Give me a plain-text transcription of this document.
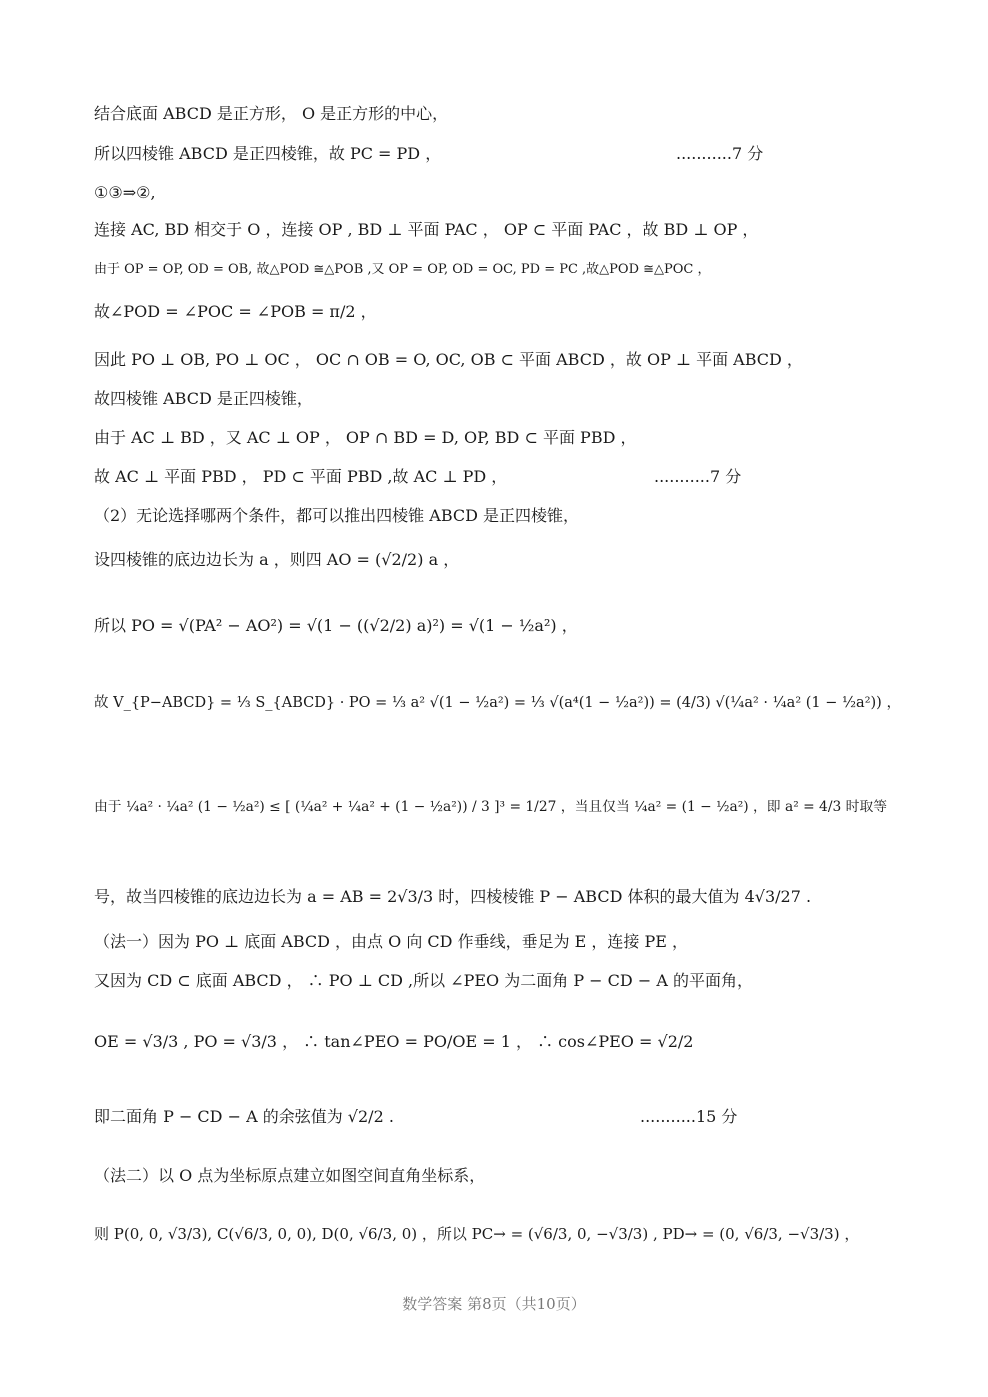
结合底面 ABCD 是正方形， O 是正方形的中心，
所以四棱锥 ABCD 是正四棱锥，故 PC = PD ，	...........7 分
①③⇒②,
连接 AC, BD 相交于 O ，连接 OP , BD ⊥ 平面 PAC ， OP ⊂ 平面 PAC ，故 BD ⊥ OP ，
由于 OP = OP, OD = OB, 故△POD ≅△POB ,又 OP = OP, OD = OC, PD = PC ,故△POD ≅△POC ，
故∠POD = ∠POC = ∠POB = π/2 ，
因此 PO ⊥ OB, PO ⊥ OC ， OC ∩ OB = O, OC, OB ⊂ 平面 ABCD ，故 OP ⊥ 平面 ABCD ，
故四棱锥 ABCD 是正四棱锥，
由于 AC ⊥ BD ，又 AC ⊥ OP ， OP ∩ BD = D, OP, BD ⊂ 平面 PBD ，
故 AC ⊥ 平面 PBD ， PD ⊂ 平面 PBD ,故 AC ⊥ PD ，	...........7 分
（2）无论选择哪两个条件，都可以推出四棱锥 ABCD 是正四棱锥，
设四棱锥的底边边长为 a ，则四 AO = (√2/2) a ，
所以 PO = √(PA² − AO²) = √(1 − ((√2/2) a)²) = √(1 − ½a²) ，
故 V_{P−ABCD} = ⅓ S_{ABCD} · PO = ⅓ a² √(1 − ½a²) = ⅓ √(a⁴(1 − ½a²)) = (4/3) √(¼a² · ¼a² (1 − ½a²)) ，
由于 ¼a² · ¼a² (1 − ½a²) ≤ [ (¼a² + ¼a² + (1 − ½a²)) / 3 ]³ = 1/27 ，当且仅当 ¼a² = (1 − ½a²) ，即 a² = 4/3 时取等
号，故当四棱锥的底边边长为 a = AB = 2√3/3 时，四棱棱锥 P − ABCD 体积的最大值为 4√3/27 .
（法一）因为 PO ⊥ 底面 ABCD ，由点 O 向 CD 作垂线，垂足为 E ，连接 PE ，
又因为 CD ⊂ 底面 ABCD ， ∴ PO ⊥ CD ,所以 ∠PEO 为二面角 P − CD − A 的平面角，
OE = √3/3 , PO = √3/3 ， ∴ tan∠PEO = PO/OE = 1 ， ∴ cos∠PEO = √2/2
即二面角 P − CD − A 的余弦值为 √2/2 .	...........15 分
（法二）以 O 点为坐标原点建立如图空间直角坐标系，
则 P(0, 0, √3/3), C(√6/3, 0, 0), D(0, √6/3, 0) ，所以 PC→ = (√6/3, 0, −√3/3) , PD→ = (0, √6/3, −√3/3) ，
数学答案 第8页（共10页）
